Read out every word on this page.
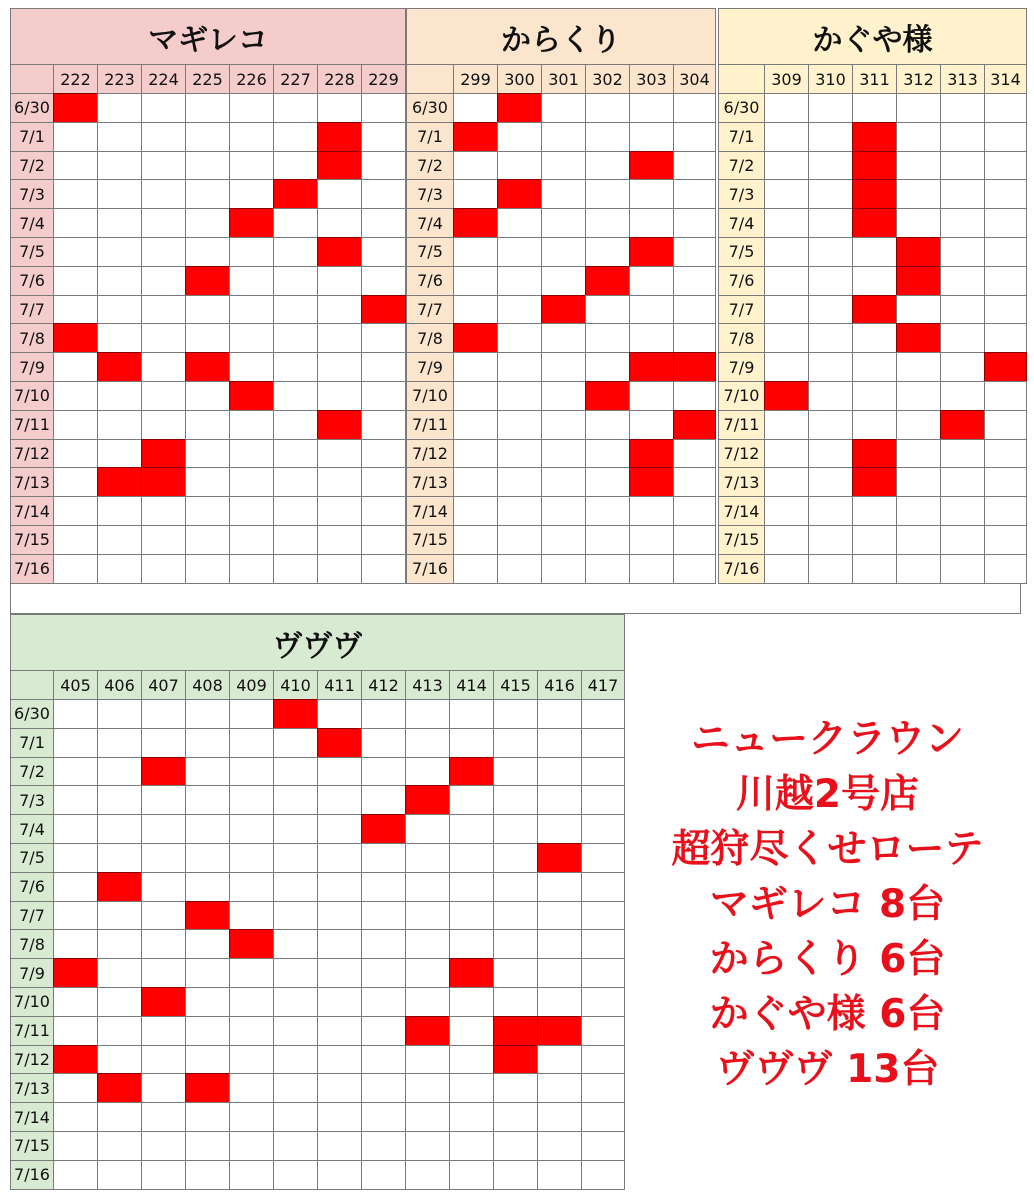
マギレコ
222 223 224 225 226 227 228 229
6/30
7/1
7/2
7/3
7/4
7/5
7/6
7/7
7/8
7/9
7/10
7/11
7/12
7/13
7/14
7/15
7/16
からくり
299 300 301 302 303 304
6/30
7/1
7/2
7/3
7/4
7/5
7/6
7/7
7/8
7/9
7/10
7/11
7/12
7/13
7/14
7/15
7/16
かぐや様
309 310 311 312 313 314
6/30
7/1
7/2
7/3
7/4
7/5
7/6
7/7
7/8
7/9
7/10
7/11
7/12
7/13
7/14
7/15
7/16
ヴヴヴ
405 406 407 408 409 410 411 412 413 414 415 416 417
6/30
7/1
7/2
7/3
7/4
7/5
7/6
7/7
7/8
7/9
7/10
7/11
7/12
7/13
7/14
7/15
7/16
ニュークラウン
川越2号店
超狩尽くせローテ
マギレコ 8台
からくり 6台
かぐや様 6台
ヴヴヴ 13台
